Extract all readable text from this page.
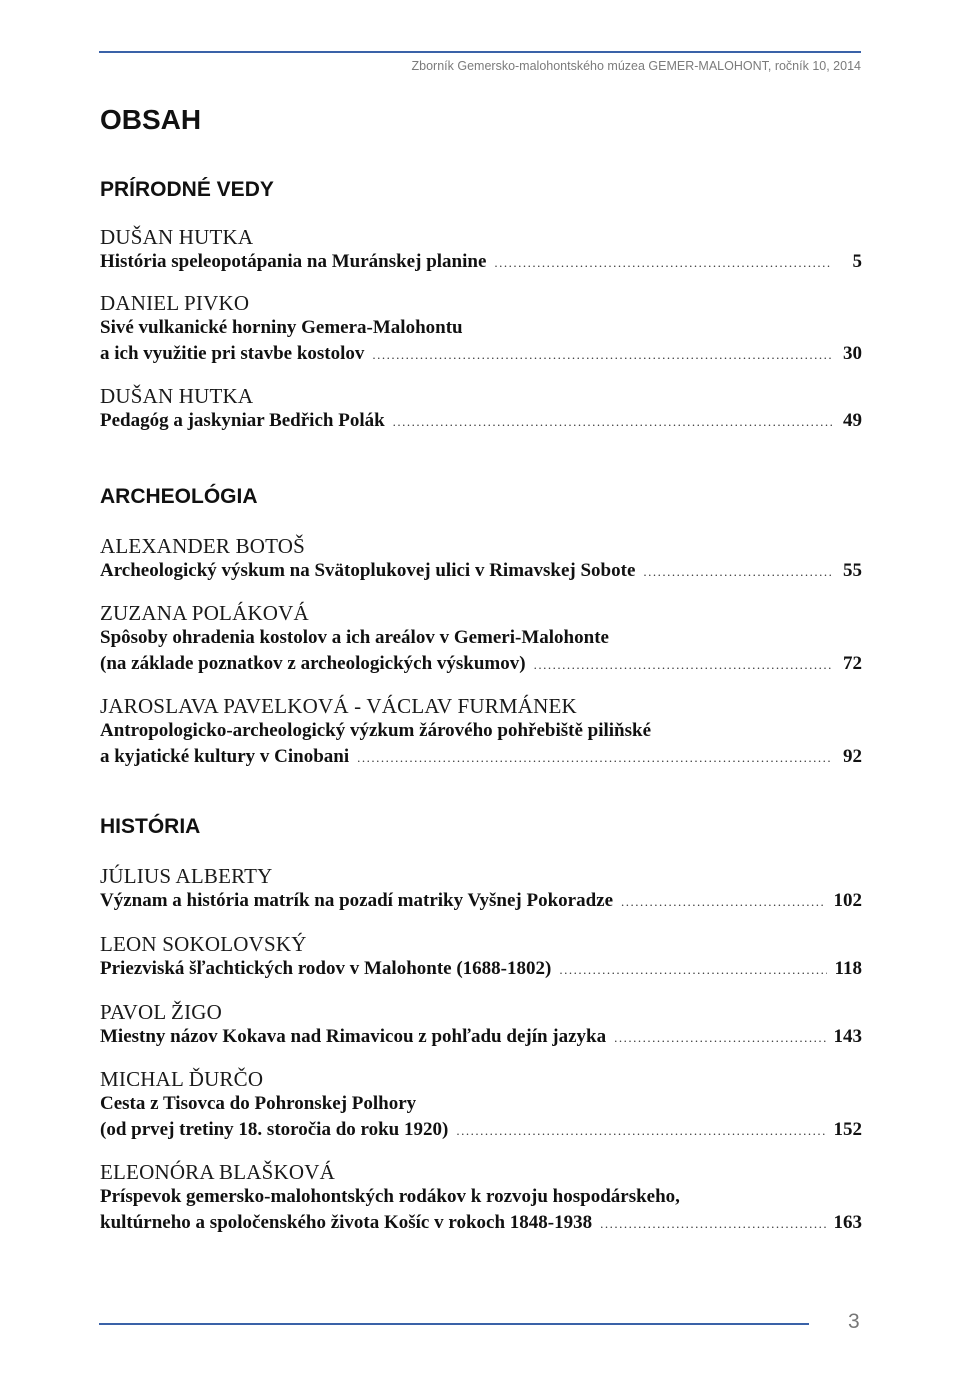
Zborník Gemersko-malohontského múzea GEMER-MALOHONT, ročník 10, 2014
OBSAH
PRÍRODNÉ VEDY
DUŠAN HUTKA
História speleopotápania na Muránskej planine .....	5
DANIEL PIVKO
Sivé vulkanické horniny Gemera-Malohontu
a ich využitie pri stavbe kostolov .....	30
DUŠAN HUTKA
Pedagóg a jaskyniar Bedřich Polák .....	49
ARCHEOLÓGIA
ALEXANDER BOTOŠ
Archeologický výskum na Svätoplukovej ulici v Rimavskej Sobote .....	55
ZUZANA POLÁKOVÁ
Spôsoby ohradenia kostolov a ich areálov v Gemeri-Malohonte
(na základe poznatkov z archeologických výskumov) .....	72
JAROSLAVA PAVELKOVÁ - VÁCLAV FURMÁNEK
Antropologicko-archeologický výzkum žárového pohřebiště piliňské
a kyjatické kultury v Cinobani .....	92
HISTÓRIA
JÚLIUS ALBERTY
Význam a história matrík na pozadí matriky Vyšnej Pokoradze .....	102
LEON SOKOLOVSKÝ
Priezviská šľachtických rodov v Malohonte (1688-1802) .....	118
PAVOL ŽIGO
Miestny názov Kokava nad Rimavicou z pohľadu dejín jazyka .....	143
MICHAL ĎURČO
Cesta z Tisovca do Pohronskej Polhory
(od prvej tretiny 18. storočia do roku 1920) .....	152
ELEONÓRA BLAŠKOVÁ
Príspevok gemersko-malohontských rodákov k rozvoju hospodárskeho,
kultúrneho a spoločenského života Košíc v rokoch 1848-1938 .....	163
3
